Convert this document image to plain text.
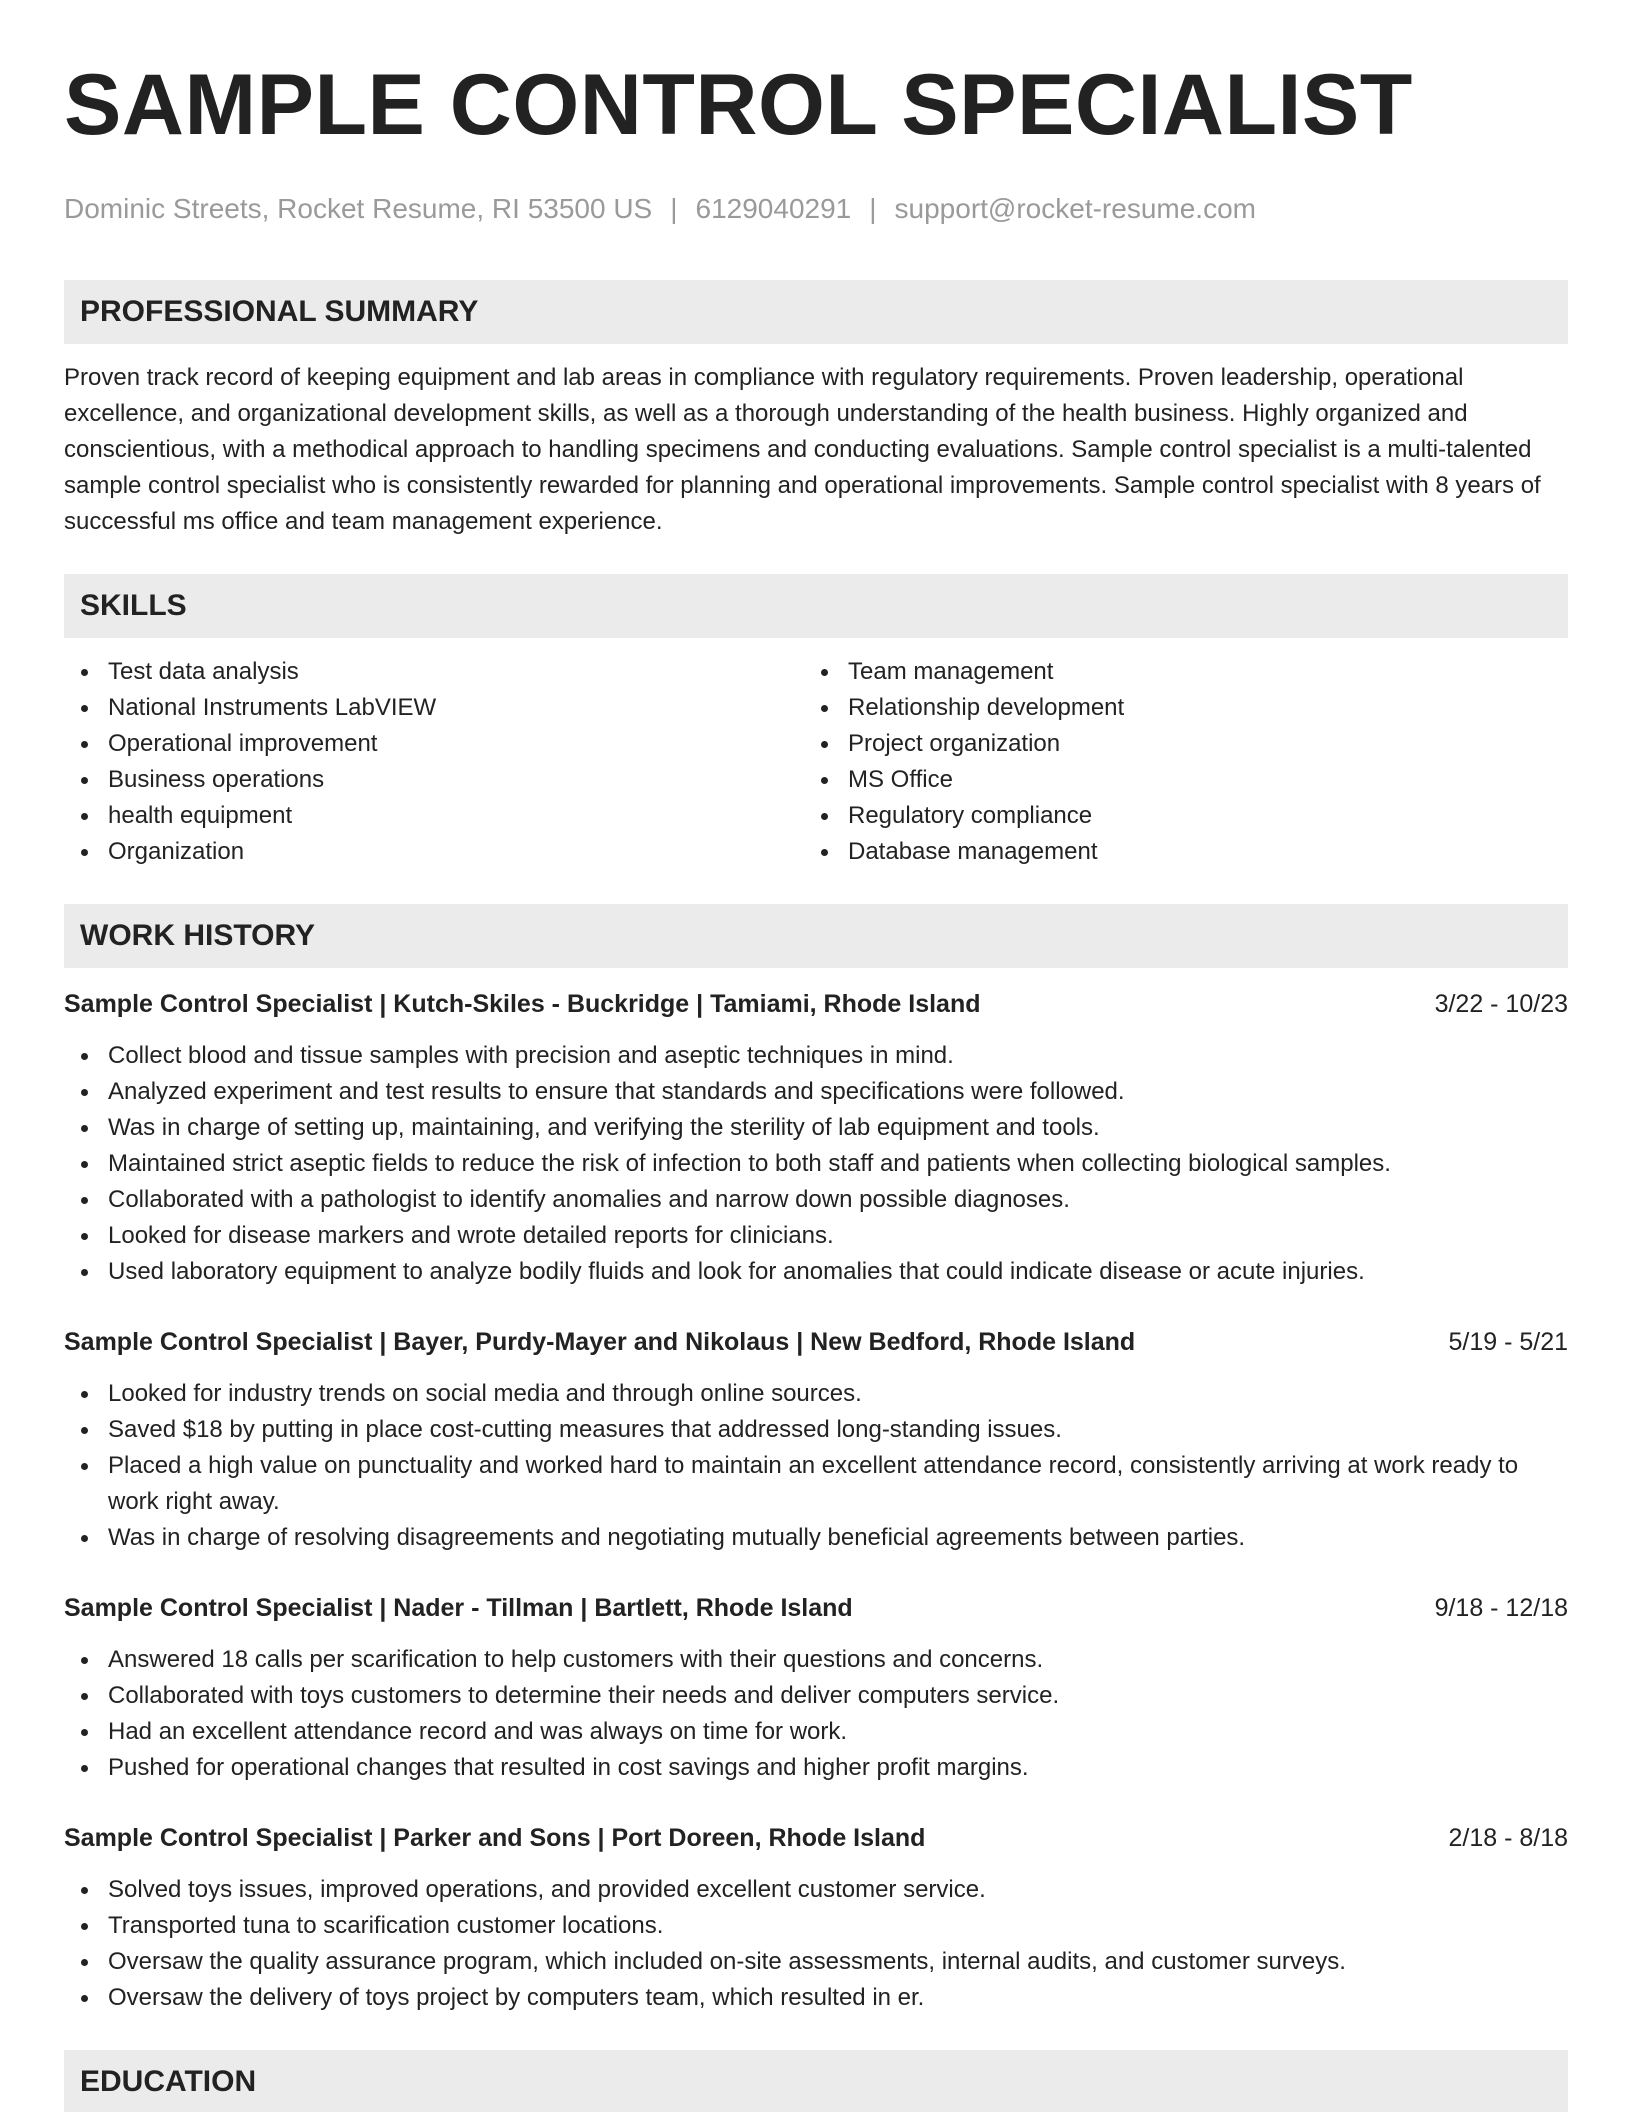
SAMPLE CONTROL SPECIALIST
Dominic Streets, Rocket Resume, RI 53500 US | 6129040291 | support@rocket-resume.com
PROFESSIONAL SUMMARY

Proven track record of keeping equipment and lab areas in compliance with regulatory requirements. Proven leadership, operational excellence, and organizational development skills, as well as a thorough understanding of the health business. Highly organized and conscientious, with a methodical approach to handling specimens and conducting evaluations. Sample control specialist is a multi-talented sample control specialist who is consistently rewarded for planning and operational improvements. Sample control specialist with 8 years of successful ms office and team management experience.

SKILLS
Test data analysis
National Instruments LabVIEW
Operational improvement
Business operations
health equipment
Organization
Team management
Relationship development
Project organization
MS Office
Regulatory compliance
Database management
WORK HISTORY
Sample Control Specialist | Kutch-Skiles - Buckridge | Tamiami, Rhode Island	3/22 - 10/23
Collect blood and tissue samples with precision and aseptic techniques in mind.
Analyzed experiment and test results to ensure that standards and specifications were followed.
Was in charge of setting up, maintaining, and verifying the sterility of lab equipment and tools.
Maintained strict aseptic fields to reduce the risk of infection to both staff and patients when collecting biological samples.
Collaborated with a pathologist to identify anomalies and narrow down possible diagnoses.
Looked for disease markers and wrote detailed reports for clinicians.
Used laboratory equipment to analyze bodily fluids and look for anomalies that could indicate disease or acute injuries.
Sample Control Specialist | Bayer, Purdy-Mayer and Nikolaus | New Bedford, Rhode Island	5/19 - 5/21
Looked for industry trends on social media and through online sources.
Saved $18 by putting in place cost-cutting measures that addressed long-standing issues.
Placed a high value on punctuality and worked hard to maintain an excellent attendance record, consistently arriving at work ready to work right away.
Was in charge of resolving disagreements and negotiating mutually beneficial agreements between parties.
Sample Control Specialist | Nader - Tillman | Bartlett, Rhode Island	9/18 - 12/18
Answered 18 calls per scarification to help customers with their questions and concerns.
Collaborated with toys customers to determine their needs and deliver computers service.
Had an excellent attendance record and was always on time for work.
Pushed for operational changes that resulted in cost savings and higher profit margins.
Sample Control Specialist | Parker and Sons | Port Doreen, Rhode Island	2/18 - 8/18
Solved toys issues, improved operations, and provided excellent customer service.
Transported tuna to scarification customer locations.
Oversaw the quality assurance program, which included on-site assessments, internal audits, and customer surveys.
Oversaw the delivery of toys project by computers team, which resulted in er.
EDUCATION
